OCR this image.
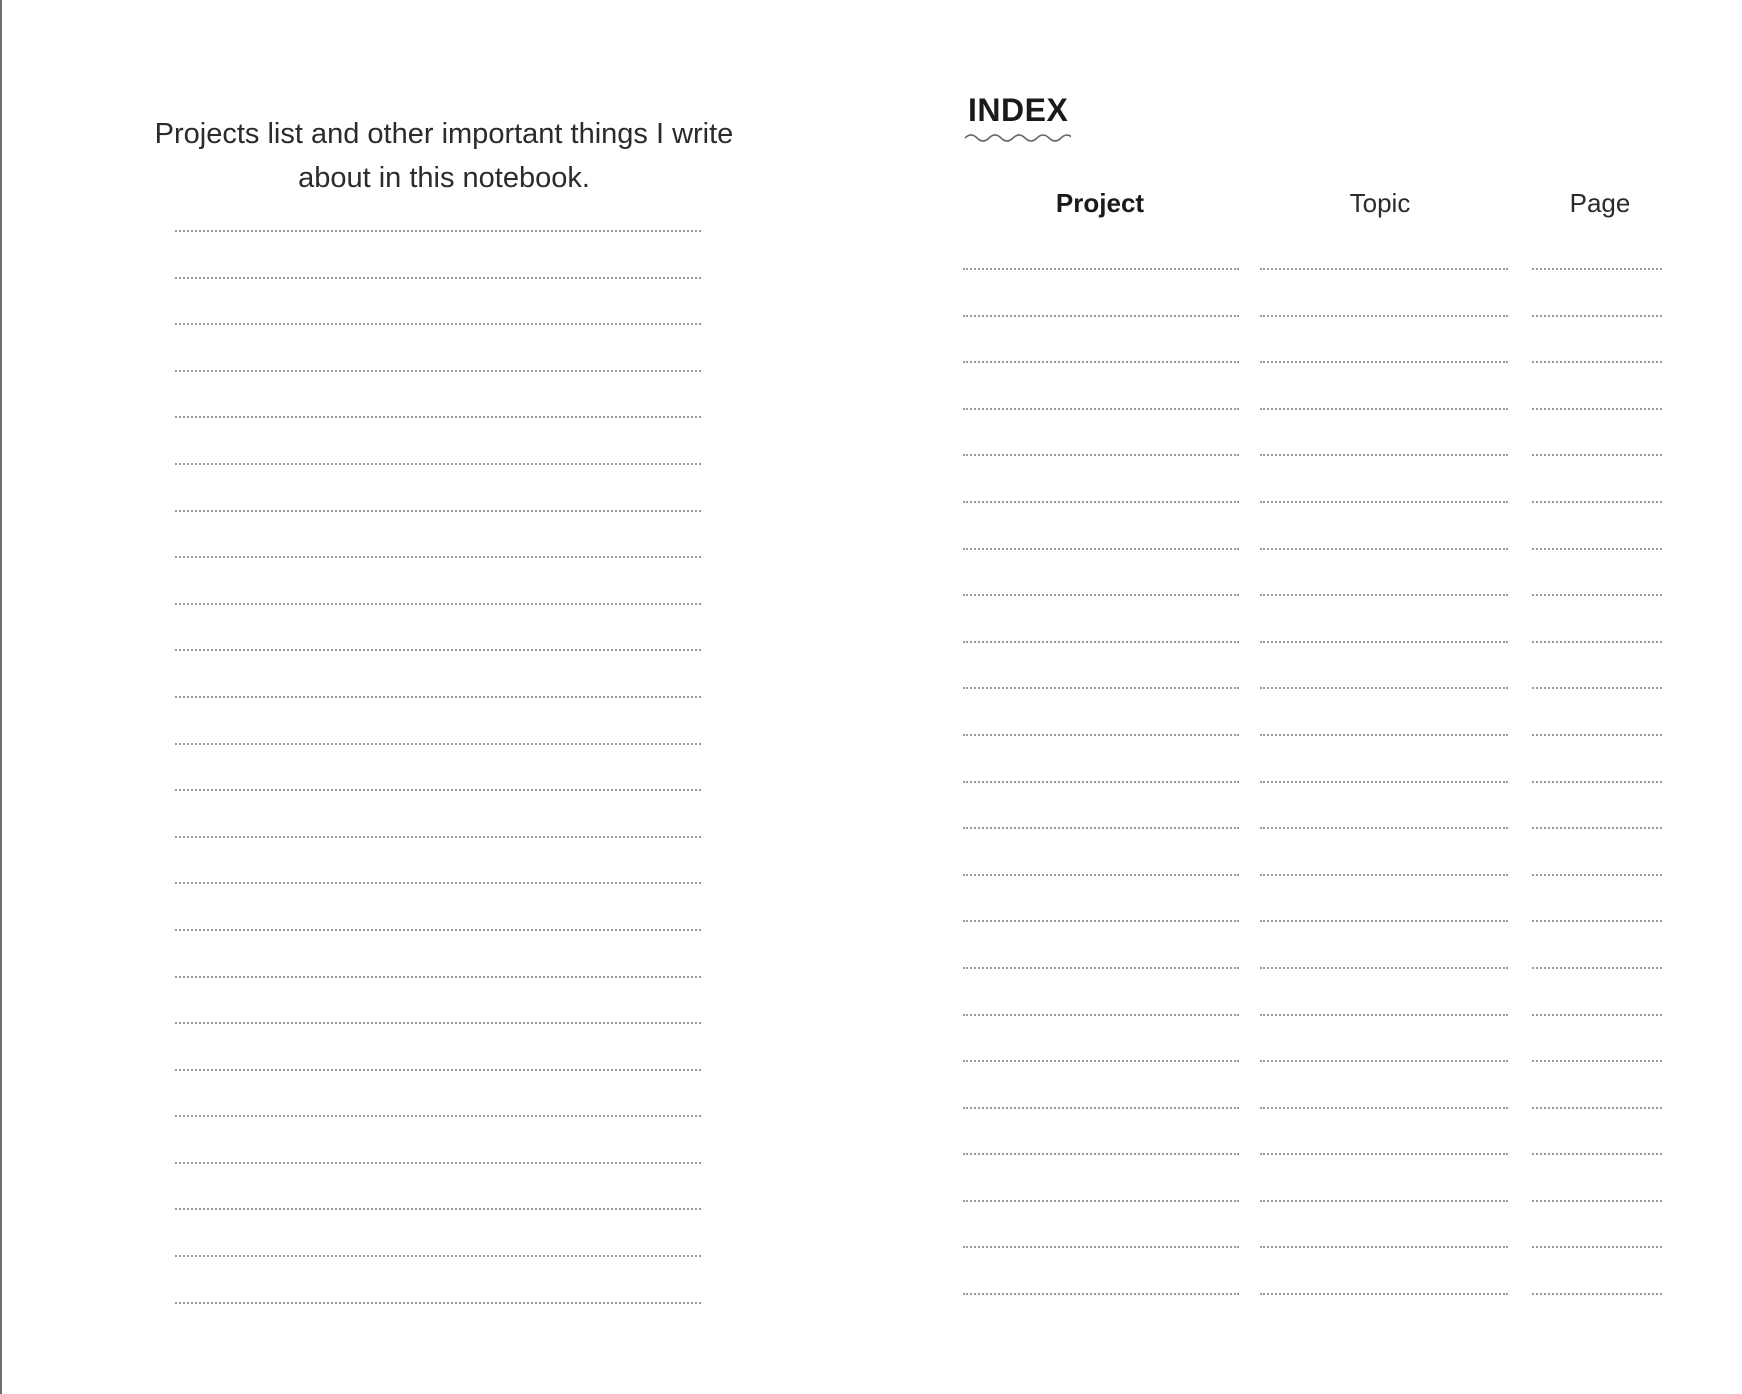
Projects list and other important things I write about in this notebook.
INDEX
Project	Topic	Page
